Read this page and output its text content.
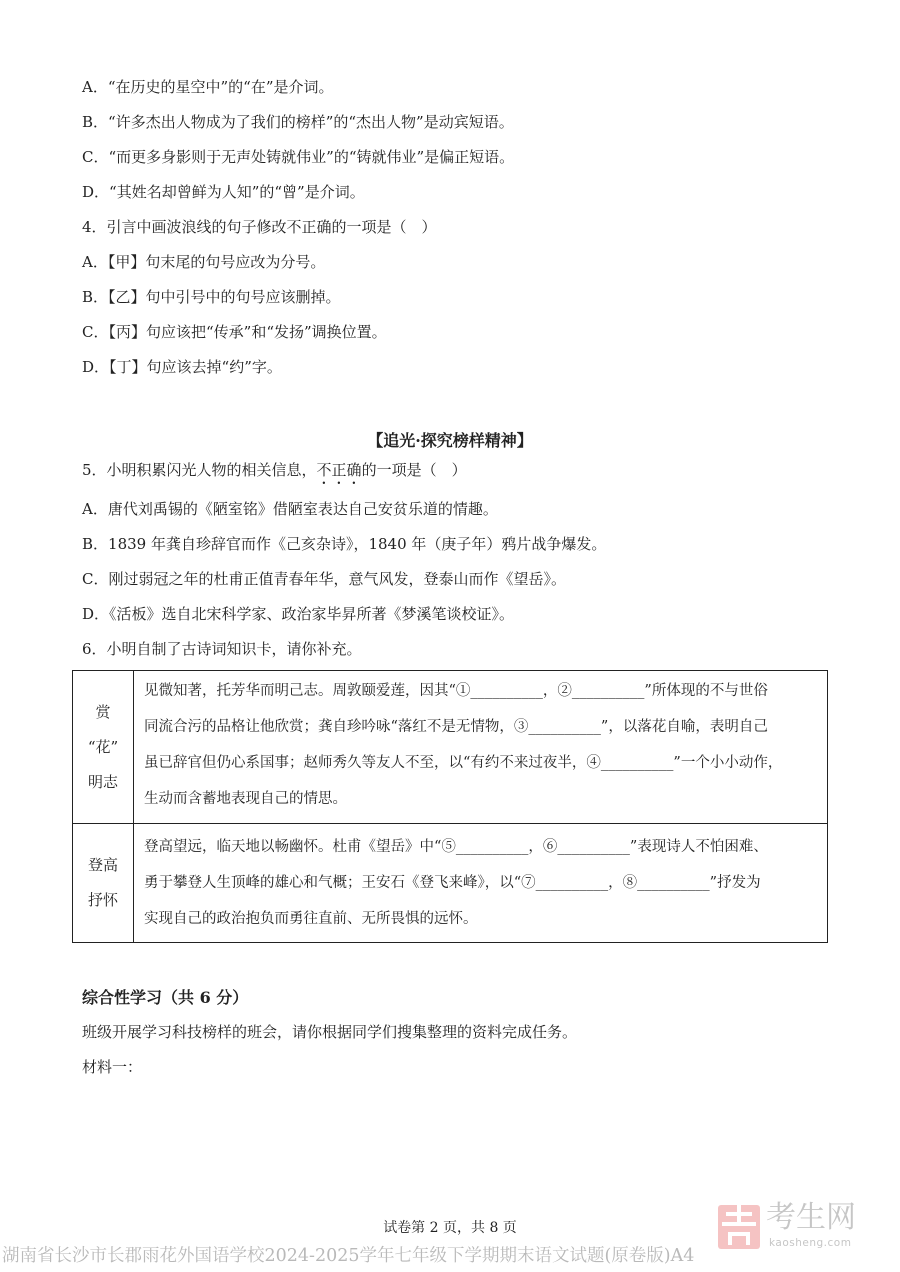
A．“在历史的星空中”的“在”是介词。
B．“许多杰出人物成为了我们的榜样”的“杰出人物”是动宾短语。
C．“而更多身影则于无声处铸就伟业”的“铸就伟业”是偏正短语。
D．“其姓名却曾鲜为人知”的“曾”是介词。
4．引言中画波浪线的句子修改不正确的一项是（　）
A．【甲】句末尾的句号应改为分号。
B．【乙】句中引号中的句号应该删掉。
C．【丙】句应该把“传承”和“发扬”调换位置。
D．【丁】句应该去掉“约”字。
【追光·探究榜样精神】
5．小明积累闪光人物的相关信息，不正确的一项是（　）
A．唐代刘禹锡的《陋室铭》借陋室表达自己安贫乐道的情趣。
B．1839 年龚自珍辞官而作《己亥杂诗》，1840 年（庚子年）鸦片战争爆发。
C．刚过弱冠之年的杜甫正值青春年华，意气风发，登泰山而作《望岳》。
D．《活板》选自北宋科学家、政治家毕昇所著《梦溪笔谈校证》。
6．小明自制了古诗词知识卡，请你补充。
赏
“花”
明志
见微知著，托芳华而明己志。周敦颐爱莲，因其“①__________，②__________”所体现的不与世俗
同流合污的品格让他欣赏；龚自珍吟咏“落红不是无情物，③__________”，以落花自喻，表明自己
虽已辞官但仍心系国事；赵师秀久等友人不至，以“有约不来过夜半，④__________”一个小小动作，
生动而含蓄地表现自己的情思。
登高
抒怀
登高望远，临天地以畅幽怀。杜甫《望岳》中“⑤__________，⑥__________”表现诗人不怕困难、
勇于攀登人生顶峰的雄心和气概；王安石《登飞来峰》，以“⑦__________，⑧__________”抒发为
实现自己的政治抱负而勇往直前、无所畏惧的远怀。
综合性学习（共 6 分）
班级开展学习科技榜样的班会，请你根据同学们搜集整理的资料完成任务。
材料一：
试卷第 2 页，共 8 页	考生网
kaosheng.com
湖南省长沙市长郡雨花外国语学校2024-2025学年七年级下学期期末语文试题(原卷版)A4
